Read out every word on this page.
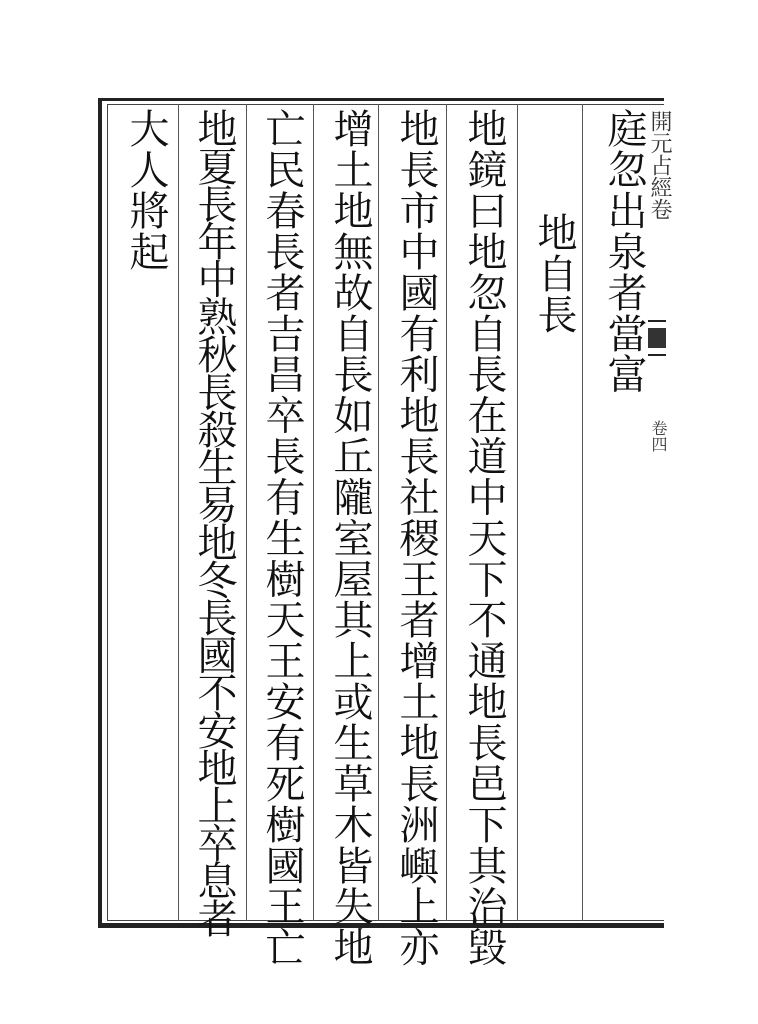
開元占經卷
卷四
庭忽出泉者當富
地自長
地鏡曰地忽自長在道中天下不通地長邑下其治毀
地長市中國有利地長社稷王者增土地長洲嶼上亦
增土地無故自長如丘隴室屋其上或生草木皆失地
亡民春長者吉昌卒長有生樹天王安有死樹國王亡
地夏長年中熟秋長殺生易地冬長國不安地上卒息者
大人將起
